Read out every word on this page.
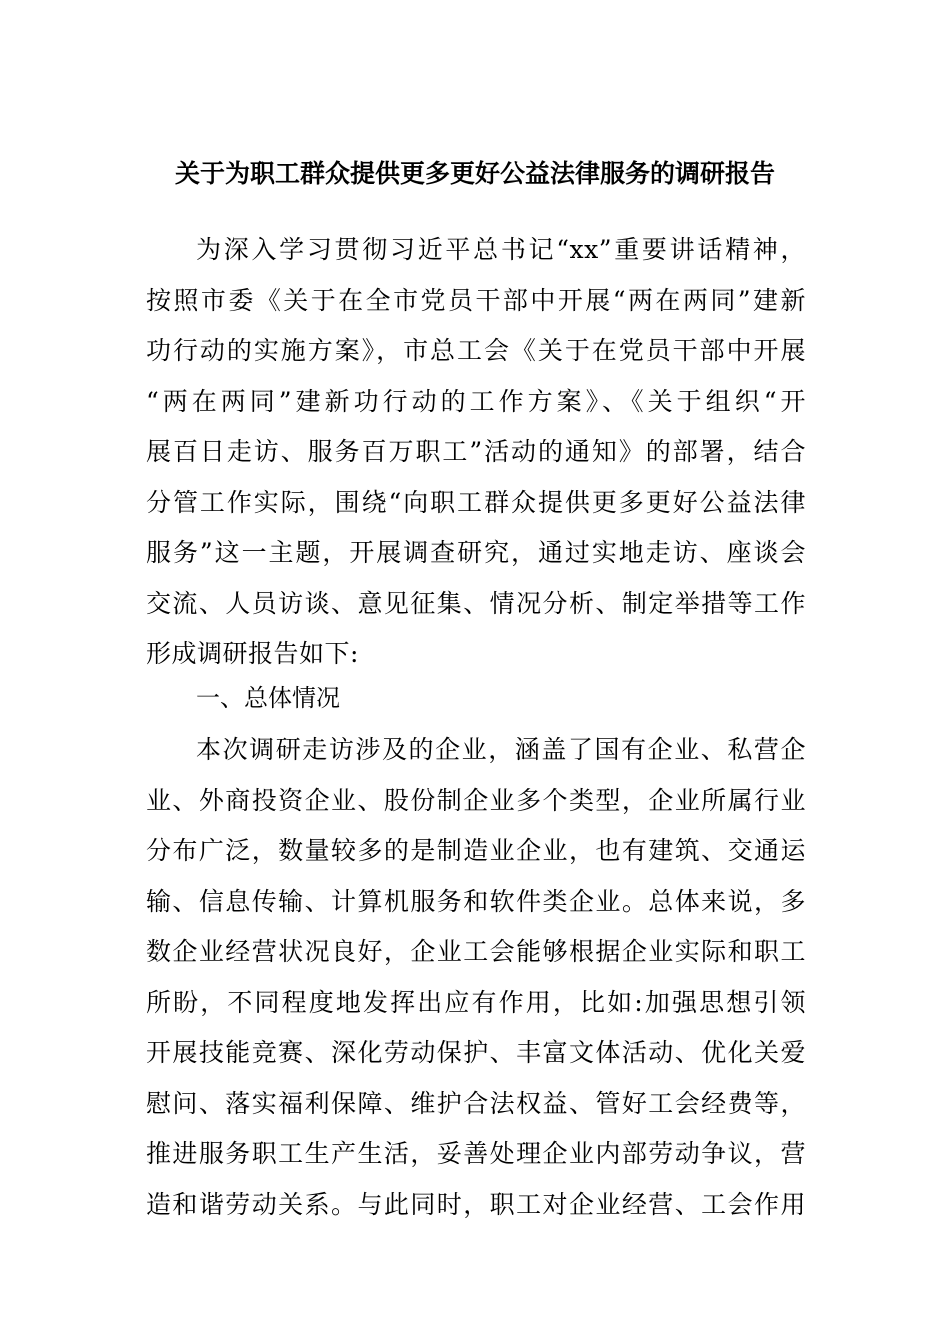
关于为职工群众提供更多更好公益法律服务的调研报告
为深入学习贯彻习近平总书记“xx”重要讲话精神，
按照市委《关于在全市党员干部中开展“两在两同”建新
功行动的实施方案》，市总工会《关于在党员干部中开展
“两在两同”建新功行动的工作方案》、《关于组织“开
展百日走访、服务百万职工”活动的通知》的部署，结合
分管工作实际，围绕“向职工群众提供更多更好公益法律
服务”这一主题，开展调查研究，通过实地走访、座谈会
交流、人员访谈、意见征集、情况分析、制定举措等工作
形成调研报告如下:
一、总体情况
本次调研走访涉及的企业，涵盖了国有企业、私营企
业、外商投资企业、股份制企业多个类型，企业所属行业
分布广泛，数量较多的是制造业企业，也有建筑、交通运
输、信息传输、计算机服务和软件类企业。总体来说，多
数企业经营状况良好，企业工会能够根据企业实际和职工
所盼，不同程度地发挥出应有作用，比如:加强思想引领
开展技能竞赛、深化劳动保护、丰富文体活动、优化关爱
慰问、落实福利保障、维护合法权益、管好工会经费等，
推进服务职工生产生活，妥善处理企业内部劳动争议，营
造和谐劳动关系。与此同时，职工对企业经营、工会作用
